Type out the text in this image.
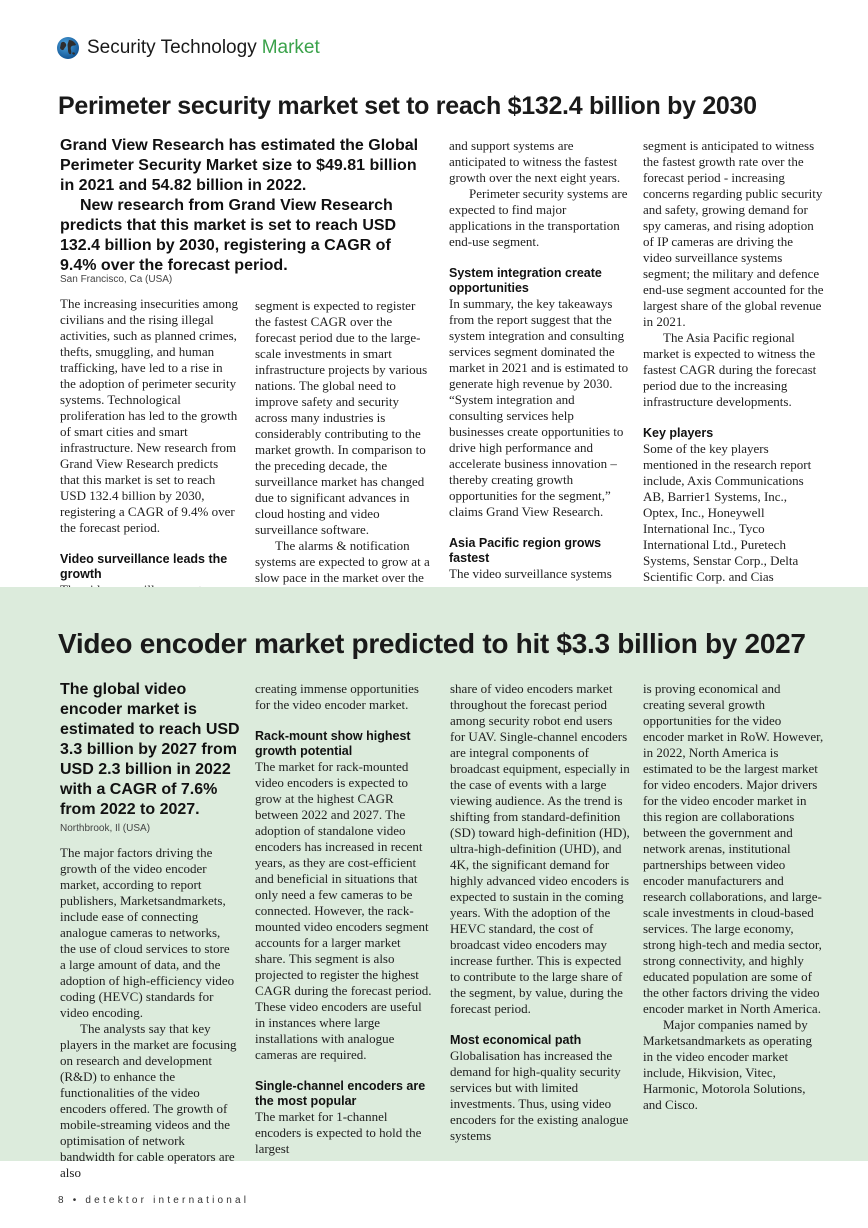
Security Technology Market
Perimeter security market set to reach $132.4 billion by 2030

Grand View Research has estimated the Global Perimeter Security Market size to $49.81 billion in 2021 and 54.82 billion in 2022.

New research from Grand View Research predicts that this market is set to reach USD 132.4 billion by 2030, registering a CAGR of 9.4% over the forecast period.

San Francisco, Ca (USA)

The increasing insecurities among civilians and the rising illegal activities, such as planned crimes, thefts, smuggling, and human trafficking, have led to a rise in the adoption of perimeter security systems. Technological proliferation has led to the growth of smart cities and smart infrastructure. New research from Grand View Research predicts that this market is set to reach USD 132.4 billion by 2030, registering a CAGR of 9.4% over the forecast period.

Video surveillance leads the growth

segment is expected to register the fastest CAGR over the forecast period due to the large-scale investments in smart infrastructure projects by various nations. The global need to improve safety and security across many industries is considerably contributing to the market growth. In comparison to the preceding decade, the surveillance market has changed due to significant advances in cloud hosting and video surveillance software.

The alarms & notification systems are expected to grow at a slow pace in the market over the

and support systems are anticipated to witness the fastest growth over the next eight years.

Perimeter security systems are expected to find major applications in the transportation end-use segment.

System integration create opportunities

In summary, the key takeaways from the report suggest that the system integration and consulting services segment dominated the market in 2021 and is estimated to generate high revenue by 2030. “System integration and consulting services help businesses create opportunities to drive high performance and accelerate business innovation – thereby creating growth opportunities for the segment,” claims Grand View Research.

Asia Pacific region grows fastest

The video surveillance systems

segment is anticipated to witness the fastest growth rate over the forecast period - increasing concerns regarding public security and safety, growing demand for spy cameras, and rising adoption of IP cameras are driving the video surveillance systems segment; the military and defence end-use segment accounted for the largest share of the global revenue in 2021.

The Asia Pacific regional market is expected to witness the fastest CAGR during the forecast period due to the increasing infrastructure developments.

Key players

Some of the key players mentioned in the research report include, Axis Communications AB, Barrier1 Systems, Inc., Optex, Inc., Honeywell International Inc., Tyco International Ltd., Puretech Systems, Senstar Corp., Delta Scientific Corp. and Cias

Video encoder market predicted to hit $3.3 billion by 2027

The global video encoder market is estimated to reach USD 3.3 billion by 2027 from USD 2.3 billion in 2022 with a CAGR of 7.6% from 2022 to 2027.

Northbrook, Il (USA)

The major factors driving the growth of the video encoder market, according to report publishers, Marketsandmarkets, include ease of connecting analogue cameras to networks, the use of cloud services to store a large amount of data, and the adoption of high-efficiency video coding (HEVC) standards for video encoding.

The analysts say that key players in the market are focusing on research and development (R&D) to enhance the functionalities of the video encoders offered. The growth of mobile-streaming videos and the optimisation of network bandwidth for cable operators are also

creating immense opportunities for the video encoder market.

Rack-mount show highest growth potential

The market for rack-mounted video encoders is expected to grow at the highest CAGR between 2022 and 2027. The adoption of standalone video encoders has increased in recent years, as they are cost-efficient and beneficial in situations that only need a few cameras to be connected. However, the rack-mounted video encoders segment accounts for a larger market share. This segment is also projected to register the highest CAGR during the forecast period. These video encoders are useful in instances where large installations with analogue cameras are required.

Single-channel encoders are the most popular

The market for 1-channel encoders is expected to hold the largest

share of video encoders market throughout the forecast period among security robot end users for UAV. Single-channel encoders are integral components of broadcast equipment, especially in the case of events with a large viewing audience. As the trend is shifting from standard-definition (SD) toward high-definition (HD), ultra-high-definition (UHD), and 4K, the significant demand for highly advanced video encoders is expected to sustain in the coming years. With the adoption of the HEVC standard, the cost of broadcast video encoders may increase further. This is expected to contribute to the large share of the segment, by value, during the forecast period.

Most economical path

Globalisation has increased the demand for high-quality security services but with limited investments. Thus, using video encoders for the existing analogue systems

is proving economical and creating several growth opportunities for the video encoder market in RoW. However, in 2022, North America is estimated to be the largest market for video encoders. Major drivers for the video encoder market in this region are collaborations between the government and network arenas, institutional partnerships between video encoder manufacturers and research collaborations, and large-scale investments in cloud-based services. The large economy, strong high-tech and media sector, strong connectivity, and highly educated population are some of the other factors driving the video encoder market in North America.

Major companies named by Marketsandmarkets as operating in the video encoder market include, Hikvision, Vitec, Harmonic, Motorola Solutions, and Cisco.

8 • detektor international
